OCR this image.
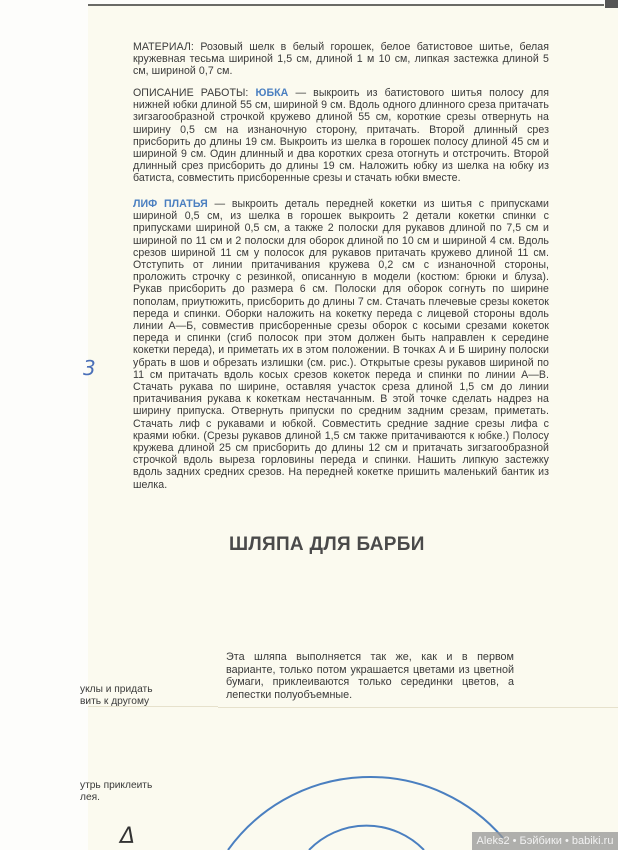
МАТЕРИАЛ: Розовый шелк в белый горошек, белое батистовое шитье, белая кружевная тесьма шириной 1,5 см, длиной 1 м 10 см, липкая застежка длиной 5 см, шириной 0,7 см.

ОПИСАНИЕ РАБОТЫ: ЮБКА — выкроить из батистового шитья полосу для нижней юбки длиной 55 см, шириной 9 см. Вдоль одного длинного среза притачать зигзагообразной строчкой кружево длиной 55 см, короткие срезы отвернуть на ширину 0,5 см на изнаночную сторону, притачать. Второй длинный срез присборить до длины 19 см. Выкроить из шелка в горошек полосу длиной 45 см и шириной 9 см. Один длинный и два коротких среза отогнуть и отстрочить. Второй длинный срез присборить до длины 19 см. Наложить юбку из шелка на юбку из батиста, совместить присборенные срезы и стачать юбки вместе.

ЛИФ ПЛАТЬЯ — выкроить деталь передней кокетки из шитья с припусками шириной 0,5 см, из шелка в горошек выкроить 2 детали кокетки спинки с припусками шириной 0,5 см, а также 2 полоски для рукавов длиной по 7,5 см и шириной по 11 см и 2 полоски для оборок длиной по 10 см и шириной 4 см. Вдоль срезов шириной 11 см у полосок для рукавов притачать кружево длиной 11 см. Отступить от линии притачивания кружева 0,2 см с изнаночной стороны, проложить строчку с резинкой, описанную в модели (костюм: брюки и блуза). Рукав присборить до размера 6 см. Полоски для оборок согнуть по ширине пополам, приутюжить, присборить до длины 7 см. Стачать плечевые срезы кокеток переда и спинки. Оборки наложить на кокетку переда с лицевой стороны вдоль линии А—Б, совместив присборенные срезы оборок с косыми срезами кокеток переда и спинки (сгиб полосок при этом должен быть направлен к середине кокетки переда), и приметать их в этом положении. В точках А и Б ширину полоски убрать в шов и обрезать излишки (см. рис.). Открытые срезы рукавов шириной по 11 см притачать вдоль косых срезов кокеток переда и спинки по линии А—В. Стачать рукава по ширине, оставляя участок среза длиной 1,5 см до линии притачивания рукава к кокеткам нестачанным. В этой точке сделать надрез на ширину припуска. Отвернуть припуски по средним задним срезам, приметать. Стачать лиф с рукавами и юбкой. Совместить средние задние срезы лифа с краями юбки. (Срезы рукавов длиной 1,5 см также притачиваются к юбке.) Полосу кружева длиной 25 см присборить до длины 12 см и притачать зигзагообразной строчкой вдоль выреза горловины переда и спинки. Нашить липкую застежку вдоль задних средних срезов. На передней кокетке пришить маленький бантик из шелка.

ШЛЯПА ДЛЯ БАРБИ
Эта шляпа выполняется так же, как и в первом варианте, только потом украшается цветами из цветной бумаги, приклеиваются только серединки цветов, а лепестки полуобъемные.
уклы и придать
вить к другому
утрь приклеить
лея.
3
Δ	Aleks2 • Бэйбики • babiki.ru
